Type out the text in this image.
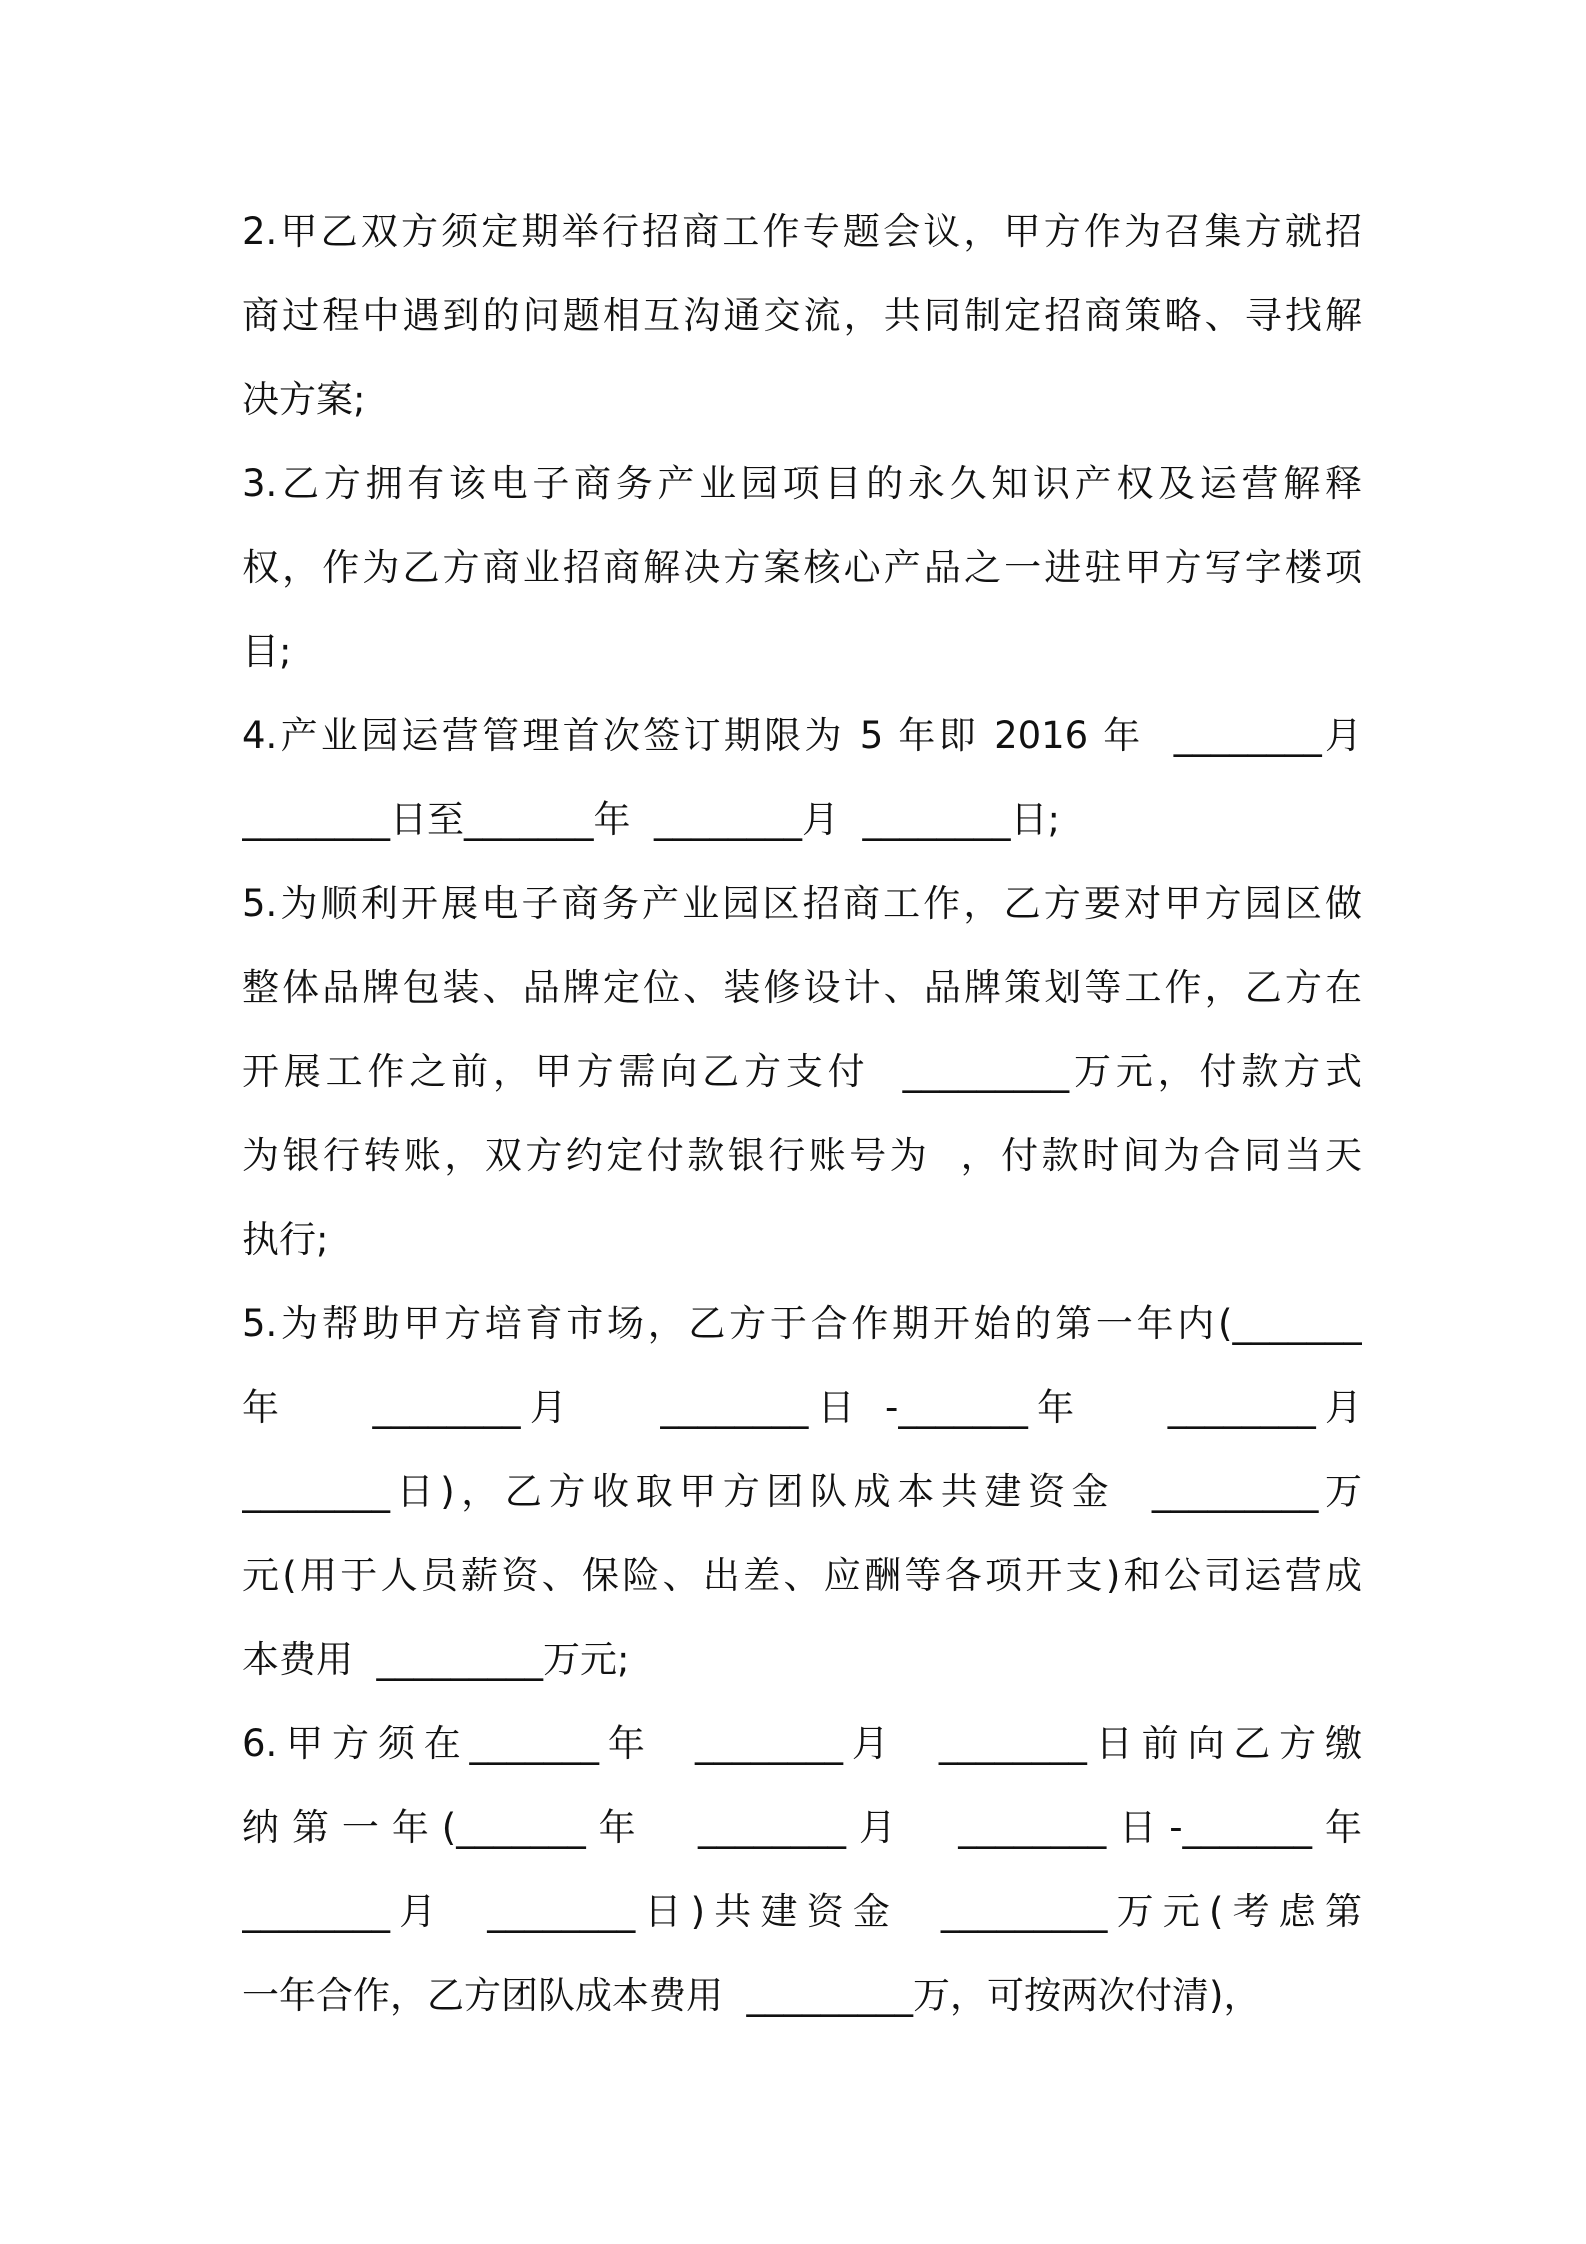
2.甲乙双方须定期举行招商工作专题会议，甲方作为召集方就招
商过程中遇到的问题相互沟通交流，共同制定招商策略、寻找解
决方案;
3.乙方拥有该电子商务产业园项目的永久知识产权及运营解释
权，作为乙方商业招商解决方案核心产品之一进驻甲方写字楼项
目;
4.产业园运营管理首次签订期限为 5 年即 2016 年  ________月
________日至_______年  ________月  ________日;
5.为顺利开展电子商务产业园区招商工作，乙方要对甲方园区做
整体品牌包装、品牌定位、装修设计、品牌策划等工作，乙方在
开展工作之前，甲方需向乙方支付  _________万元，付款方式
为银行转账，双方约定付款银行账号为  ，付款时间为合同当天
执行;
5.为帮助甲方培育市场，乙方于合作期开始的第一年内(_______
年    ________月    ________日 -_______年    ________月
________日)，乙方收取甲方团队成本共建资金  _________万
元(用于人员薪资、保险、出差、应酬等各项开支)和公司运营成
本费用  _________万元;
6.甲方须在_______年  ________月  ________日前向乙方缴
纳第一年(_______年  ________月  ________日-_______年
________月  ________日)共建资金  _________万元(考虑第
一年合作，乙方团队成本费用  _________万，可按两次付清)，
